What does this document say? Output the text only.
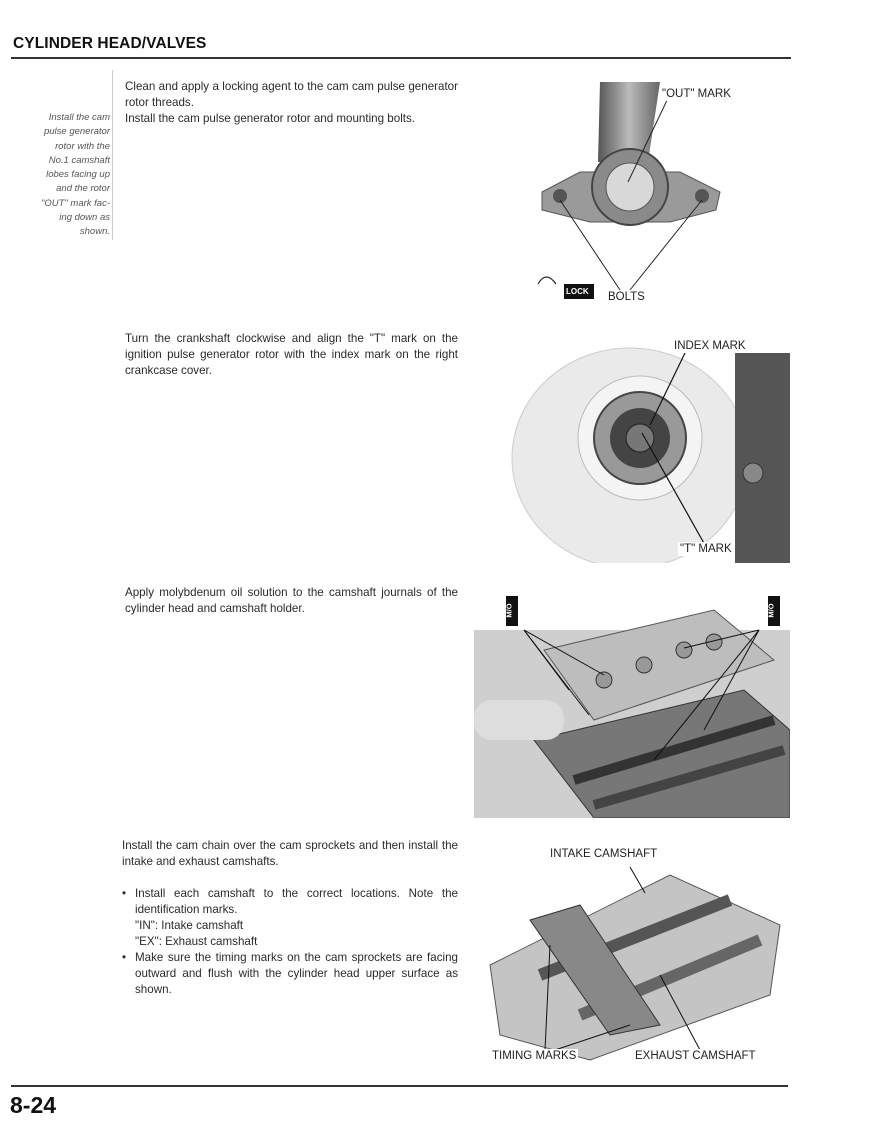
CYLINDER HEAD/VALVES
Install the cam
pulse generator
rotor with the
No.1 camshaft
lobes facing up
and the rotor
"OUT" mark fac-
ing down as
shown.
Clean and apply a locking agent to the cam cam pulse generator rotor threads.
Install the cam pulse generator rotor and mounting bolts.
"OUT" MARK
BOLTS
LOCK
Turn the crankshaft clockwise and align the "T" mark on the ignition pulse generator rotor with the index mark on the right crankcase cover.
INDEX MARK
"T" MARK
Apply molybdenum oil solution to the camshaft journals of the cylinder head and camshaft holder.	M/O	M/O
Install the cam chain over the cam sprockets and then install the intake and exhaust camshafts.
• Install each camshaft to the correct locations. Note the identification marks.
"IN": Intake camshaft
"EX": Exhaust camshaft
• Make sure the timing marks on the cam sprockets are facing outward and flush with the cylinder head upper surface as shown.
INTAKE CAMSHAFT
TIMING MARKS	EXHAUST CAMSHAFT
8-24
